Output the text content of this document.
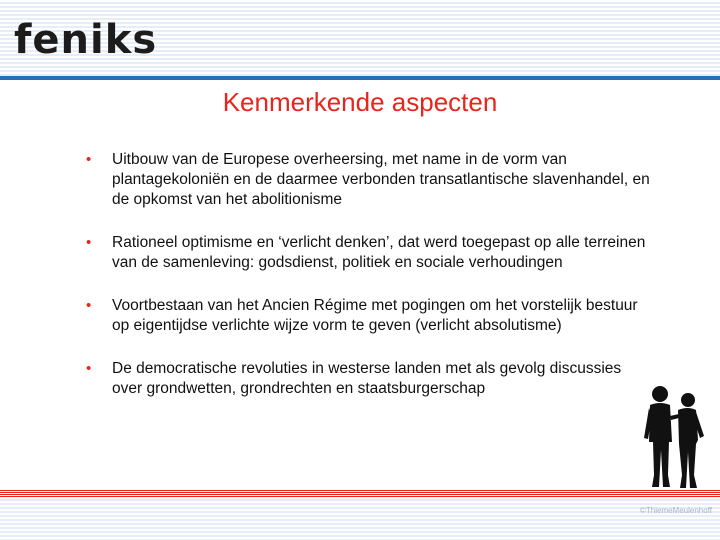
feniks
Kenmerkende aspecten
• Uitbouw van de Europese overheersing, met name in de vorm van plantagekoloniën en de daarmee verbonden transatlantische slavenhandel, en de opkomst van het abolitionisme
• Rationeel optimisme en ‘verlicht denken’, dat werd toegepast op alle terreinen van de samenleving: godsdienst, politiek en sociale verhoudingen
• Voortbestaan van het Ancien Régime met pogingen om het vorstelijk bestuur op eigentijdse verlichte wijze vorm te geven (verlicht absolutisme)
• De democratische revoluties in westerse landen met als gevolg discussies over grondwetten, grondrechten en staatsburgerschap
©ThiemeMeulenhoff
